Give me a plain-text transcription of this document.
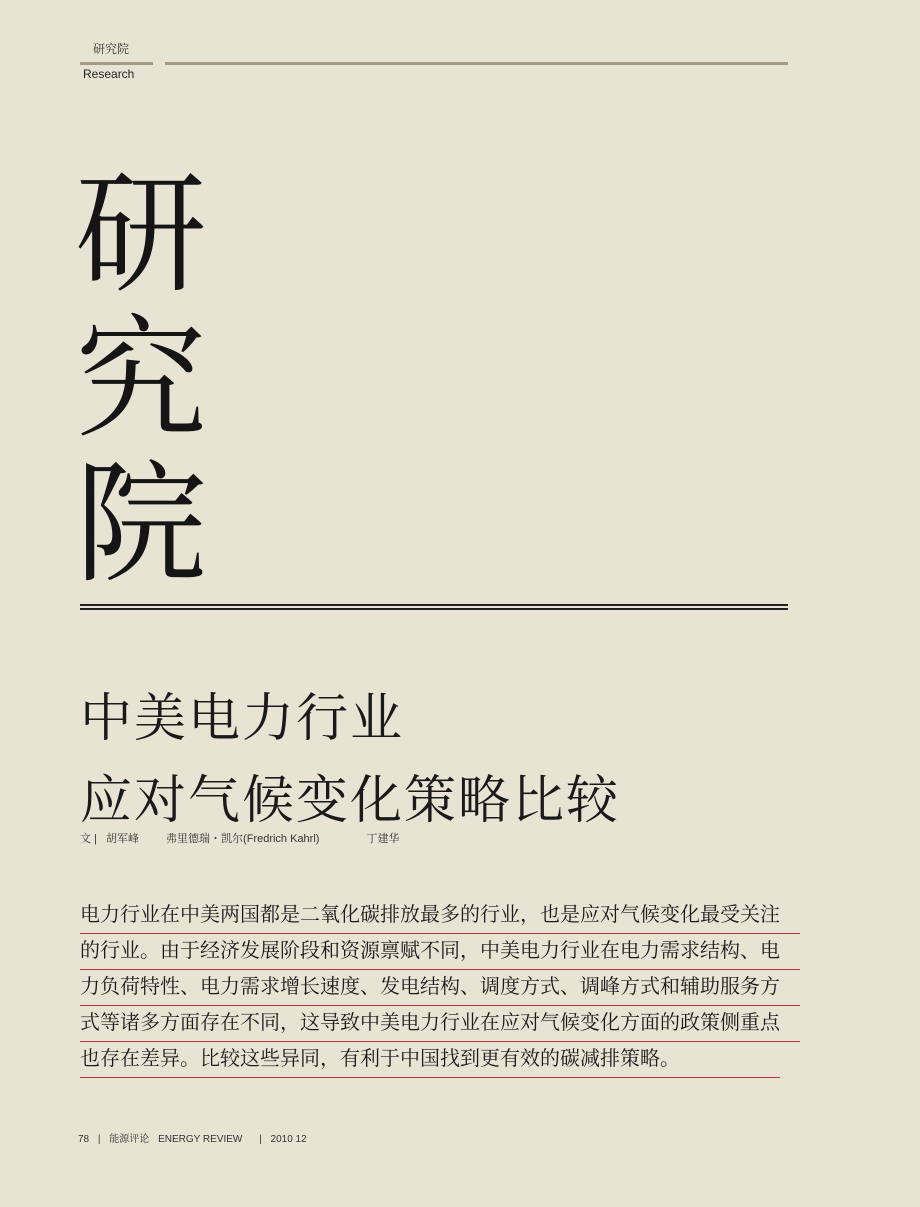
研究院
Research
研
究
院
中美电力行业
应对气候变化策略比较
文 | 胡军峰 弗里德瑞・凯尔(Fredrich Kahrl)	丁建华
电力行业在中美两国都是二氧化碳排放最多的行业，也是应对气候变化最受关注
的行业。由于经济发展阶段和资源禀赋不同，中美电力行业在电力需求结构、电
力负荷特性、电力需求增长速度、发电结构、调度方式、调峰方式和辅助服务方
式等诸多方面存在不同，这导致中美电力行业在应对气候变化方面的政策侧重点
也存在差异。比较这些异同，有利于中国找到更有效的碳减排策略。
78 | 能源评论 ENERGY REVIEW | 2010 12
